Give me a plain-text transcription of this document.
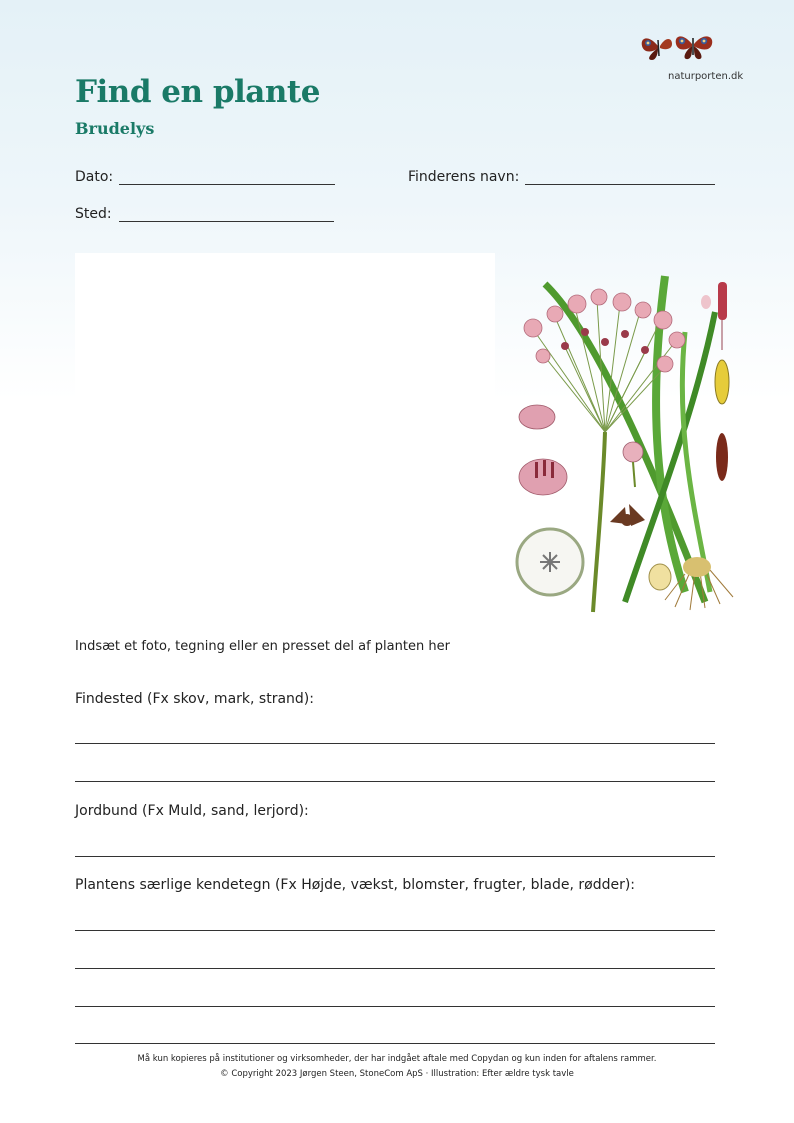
Find en plante
Brudelys
naturporten.dk
Dato:	Finderens navn:
Sted:
Indsæt et foto, tegning eller en presset del af planten her
Findested (Fx skov, mark, strand):
Jordbund (Fx Muld, sand, lerjord):
Plantens særlige kendetegn (Fx Højde, vækst, blomster, frugter, blade, rødder):
Må kun kopieres på institutioner og virksomheder, der har indgået aftale med Copydan og kun inden for aftalens rammer.
© Copyright 2023 Jørgen Steen, StoneCom ApS · Illustration: Efter ældre tysk tavle
